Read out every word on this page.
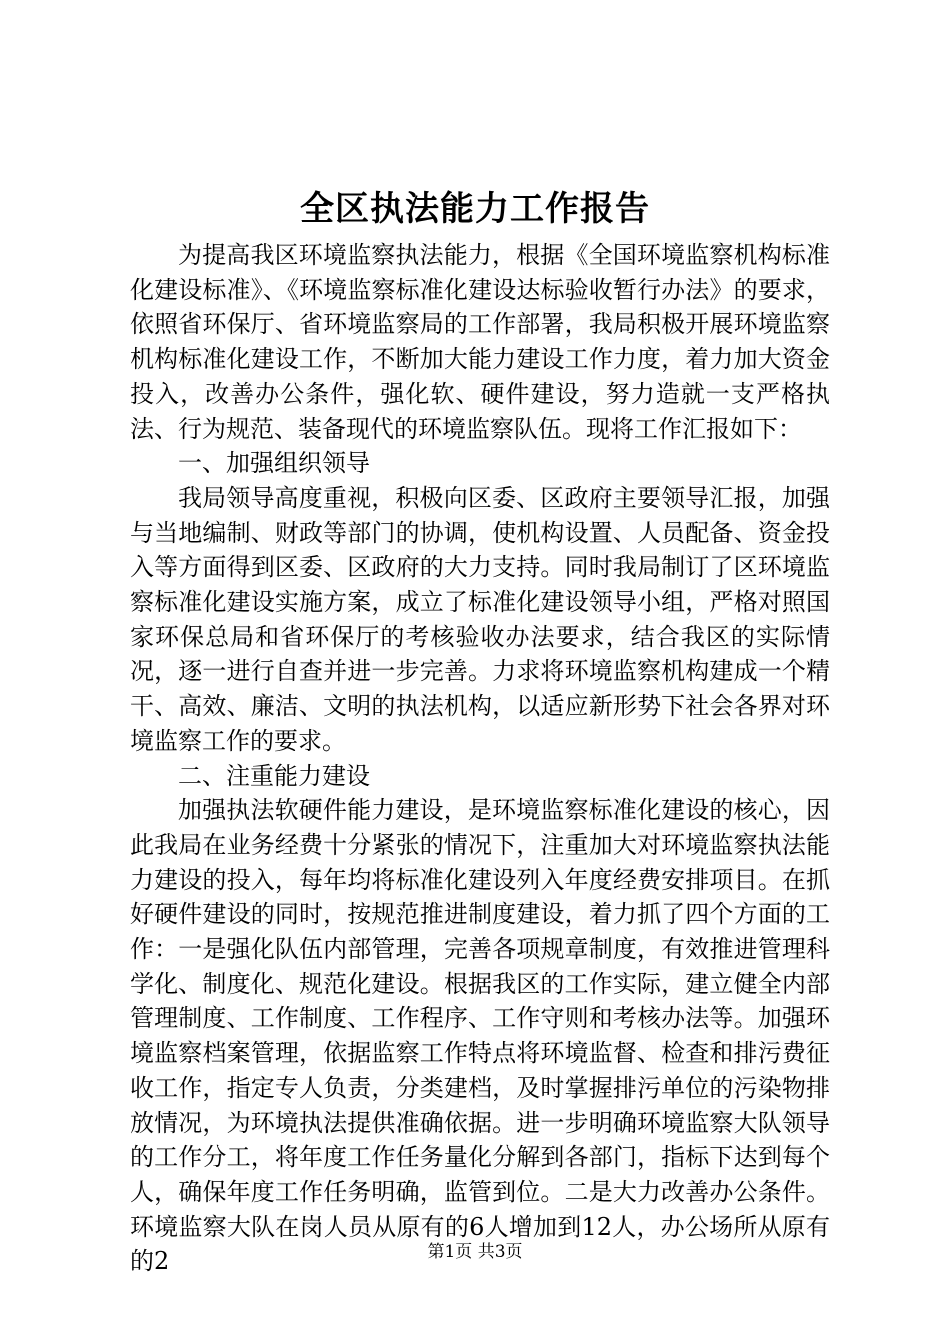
全区执法能力工作报告

为提高我区环境监察执法能力，根据《全国环境监察机构标准化建设标准》、《环境监察标准化建设达标验收暂行办法》的要求，依照省环保厅、省环境监察局的工作部署，我局积极开展环境监察机构标准化建设工作，不断加大能力建设工作力度，着力加大资金投入，改善办公条件，强化软、硬件建设，努力造就一支严格执法、行为规范、装备现代的环境监察队伍。现将工作汇报如下：

一、加强组织领导

我局领导高度重视，积极向区委、区政府主要领导汇报，加强与当地编制、财政等部门的协调，使机构设置、人员配备、资金投入等方面得到区委、区政府的大力支持。同时我局制订了区环境监察标准化建设实施方案，成立了标准化建设领导小组，严格对照国家环保总局和省环保厅的考核验收办法要求，结合我区的实际情况，逐一进行自查并进一步完善。力求将环境监察机构建成一个精干、高效、廉洁、文明的执法机构，以适应新形势下社会各界对环境监察工作的要求。

二、注重能力建设

加强执法软硬件能力建设，是环境监察标准化建设的核心，因此我局在业务经费十分紧张的情况下，注重加大对环境监察执法能力建设的投入，每年均将标准化建设列入年度经费安排项目。在抓好硬件建设的同时，按规范推进制度建设，着力抓了四个方面的工作：一是强化队伍内部管理，完善各项规章制度，有效推进管理科学化、制度化、规范化建设。根据我区的工作实际，建立健全内部管理制度、工作制度、工作程序、工作守则和考核办法等。加强环境监察档案管理，依据监察工作特点将环境监督、检查和排污费征收工作，指定专人负责，分类建档，及时掌握排污单位的污染物排放情况，为环境执法提供准确依据。进一步明确环境监察大队领导的工作分工，将年度工作任务量化分解到各部门，指标下达到每个人，确保年度工作任务明确，监管到位。二是大力改善办公条件。环境监察大队在岗人员从原有的6人增加到12人，办公场所从原有的2	第1页 共3页
